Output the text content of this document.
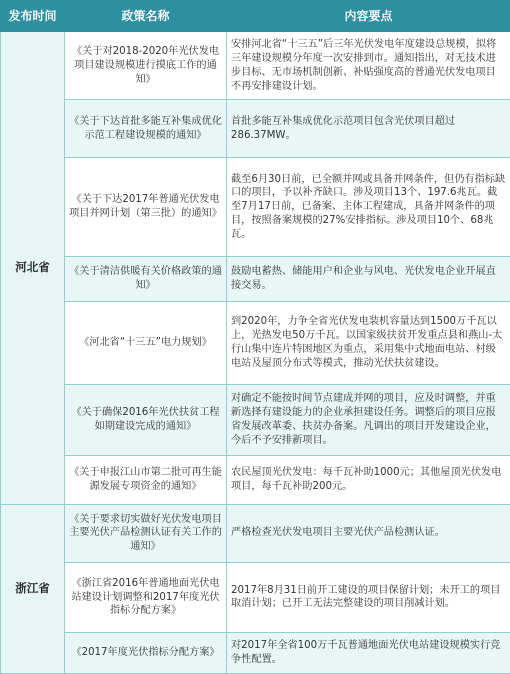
发布时间	政策名称	内容要点
河北省	《关于对2018-2020年光伏发电项目建设规模进行摸底工作的通知》	安排河北省“十三五”后三年光伏发电年度建设总规模，拟将三年建设规模分年度一次安排到市。通知指出，对无技术进步目标、无市场机制创新、补贴强度高的普通光伏发电项目不再安排建设计划。
	《关于下达首批多能互补集成优化示范工程建设规模的通知》	首批多能互补集成优化示范项目包含光伏项目超过286.37MW。
	《关于下达2017年普通光伏发电项目并网计划（第三批）的通知》	截至6月30日前，已全额并网或具备并网条件，但仍有指标缺口的项目，予以补齐缺口。涉及项目13个、197.6兆瓦。截至7月17日前，已备案、主体工程建成，具备并网条件的项目，按照备案规模的27%安排指标。涉及项目10个、68兆瓦。
	《关于清洁供暖有关价格政策的通知》	鼓励电蓄热、储能用户和企业与风电、光伏发电企业开展直接交易。
	《河北省“十三五”电力规划》	到2020年，力争全省光伏发电装机容量达到1500万千瓦以上，光热发电50万千瓦。以国家级扶贫开发重点县和燕山-太行山集中连片特困地区为重点，采用集中式地面电站、村级电站及屋顶分布式等模式，推动光伏扶贫建设。
	《关于确保2016年光伏扶贫工程如期建设完成的通知》	对确定不能按时间节点建成并网的项目，应及时调整，并重新选择有建设能力的企业承担建设任务。调整后的项目应报省发展改革委、扶贫办备案。凡调出的项目开发建设企业，今后不予安排新项目。
	《关于申报江山市第二批可再生能源发展专项资金的通知》	农民屋顶光伏发电：每千瓦补助1000元；其他屋顶光伏发电项目，每千瓦补助200元。
浙江省	《关于要求切实做好光伏发电项目主要光伏产品检测认证有关工作的通知》	严格检查光伏发电项目主要光伏产品检测认证。
	《浙江省2016年普通地面光伏电站建设计划调整和2017年度光伏指标分配方案》	2017年8月31日前开工建设的项目保留计划；未开工的项目取消计划；已开工无法完整建设的项目削减计划。
	《2017年度光伏指标分配方案》	对2017年全省100万千瓦普通地面光伏电站建设规模实行竞争性配置。
